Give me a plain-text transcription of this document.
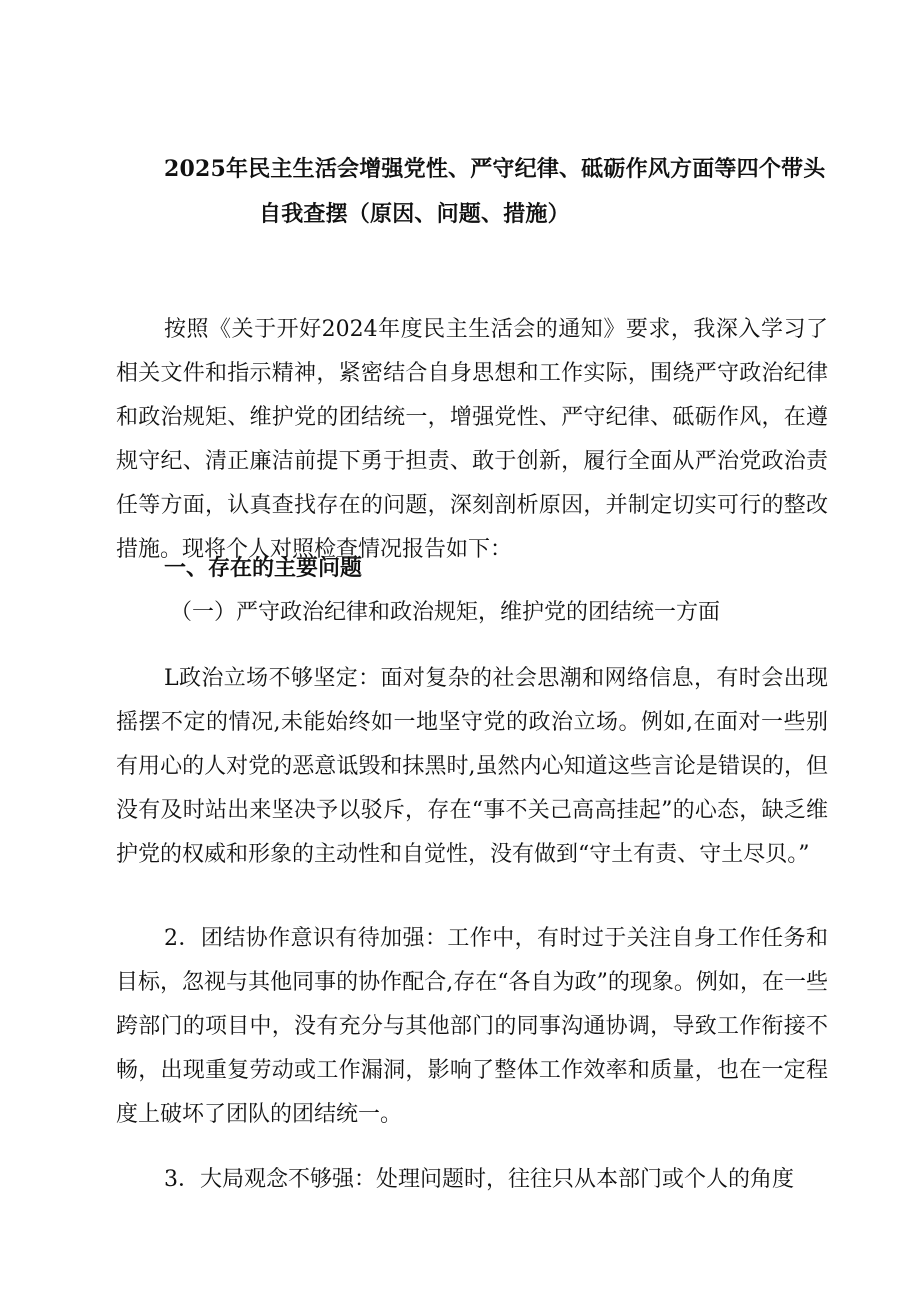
2025年民主生活会增强党性、严守纪律、砥砺作风方面等四个带头
自我查摆（原因、问题、措施）

按照《关于开好2024年度民主生活会的通知》要求，我深入学习了相关文件和指示精神，紧密结合自身思想和工作实际，围绕严守政治纪律和政治规矩、维护党的团结统一，增强党性、严守纪律、砥砺作风，在遵规守纪、清正廉洁前提下勇于担责、敢于创新，履行全面从严治党政治责任等方面，认真查找存在的问题，深刻剖析原因，并制定切实可行的整改措施。现将个人对照检查情况报告如下：

一、存在的主要问题
（一）严守政治纪律和政治规矩，维护党的团结统一方面

L政治立场不够坚定：面对复杂的社会思潮和网络信息，有时会出现摇摆不定的情况,未能始终如一地坚守党的政治立场。例如,在面对一些别有用心的人对党的恶意诋毁和抹黑时,虽然内心知道这些言论是错误的，但没有及时站出来坚决予以驳斥，存在“事不关己高高挂起”的心态，缺乏维护党的权威和形象的主动性和自觉性，没有做到“守土有责、守土尽贝。”

2．团结协作意识有待加强：工作中，有时过于关注自身工作任务和目标，忽视与其他同事的协作配合,存在“各自为政”的现象。例如，在一些跨部门的项目中，没有充分与其他部门的同事沟通协调，导致工作衔接不畅，出现重复劳动或工作漏洞，影响了整体工作效率和质量，也在一定程度上破坏了团队的团结统一。

3．大局观念不够强：处理问题时，往往只从本部门或个人的角度
